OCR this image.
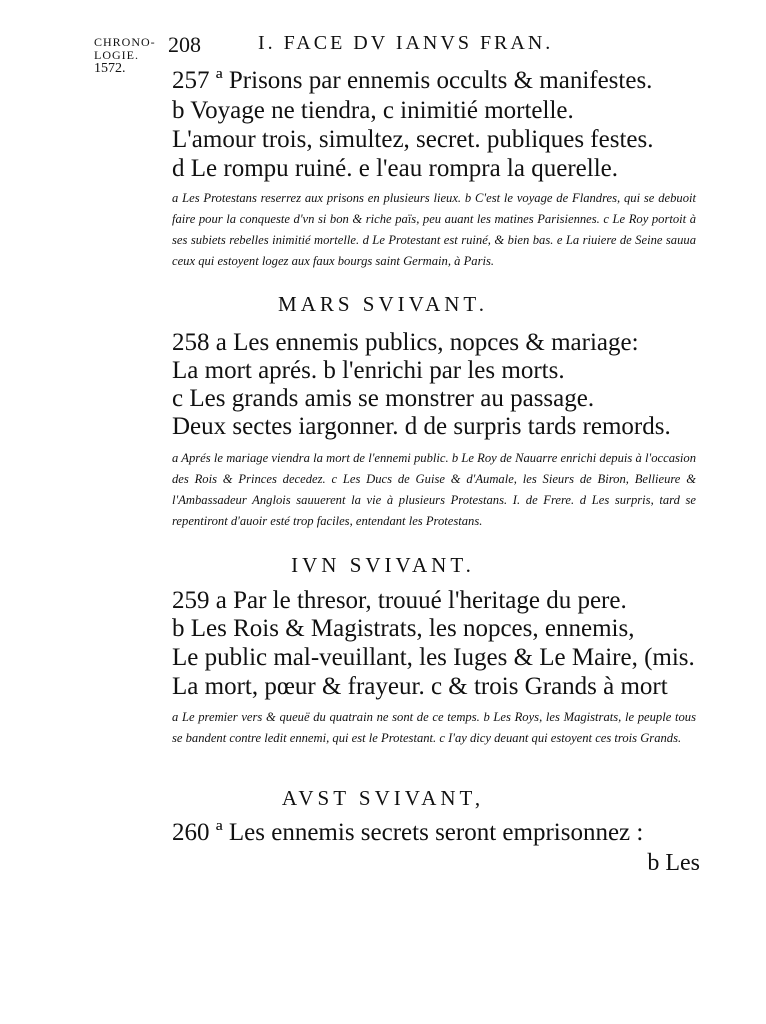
CHRONO-
LOGIE.
1572.
208	I. FACE DV IANVS FRAN.

257 ª Prisons par ennemis occults & manifestes.

b Voyage ne tiendra, c inimitié mortelle.

L'amour trois, simultez, secret. publiques festes.

d Le rompu ruiné. e l'eau rompra la querelle.

a Les Protestans reserrez aux prisons en plusieurs lieux. b C'est le voyage de Flandres, qui se debuoit faire pour la conqueste d'vn si bon & riche païs, peu auant les matines Parisiennes. c Le Roy portoit à ses subiets rebelles inimitié mortelle. d Le Protestant est ruiné, & bien bas. e La riuiere de Seine sauua ceux qui estoyent logez aux faux bourgs saint Germain, à Paris.

MARS SVIVANT.

258 a Les ennemis publics, nopces & mariage:

La mort aprés. b l'enrichi par les morts.

c Les grands amis se monstrer au passage.

Deux sectes iargonner. d de surpris tards remords.

a Aprés le mariage viendra la mort de l'ennemi public. b Le Roy de Nauarre enrichi depuis à l'occasion des Rois & Princes decedez. c Les Ducs de Guise & d'Aumale, les Sieurs de Biron, Bellieure & l'Ambassadeur Anglois sauuerent la vie à plusieurs Protestans. I. de Frere. d Les surpris, tard se repentiront d'auoir esté trop faciles, entendant les Protestans.

IVN SVIVANT.

259 a Par le thresor, trouué l'heritage du pere.

b Les Rois & Magistrats, les nopces, ennemis,

Le public mal-veuillant, les Iuges & Le Maire, (mis.

La mort, pœur & frayeur. c & trois Grands à mort

a Le premier vers & queuë du quatrain ne sont de ce temps. b Les Roys, les Magistrats, le peuple tous se bandent contre ledit ennemi, qui est le Protestant. c I'ay dicy deuant qui estoyent ces trois Grands.

AVST SVIVANT,

260 ª Les ennemis secrets seront emprisonnez :

b Les
